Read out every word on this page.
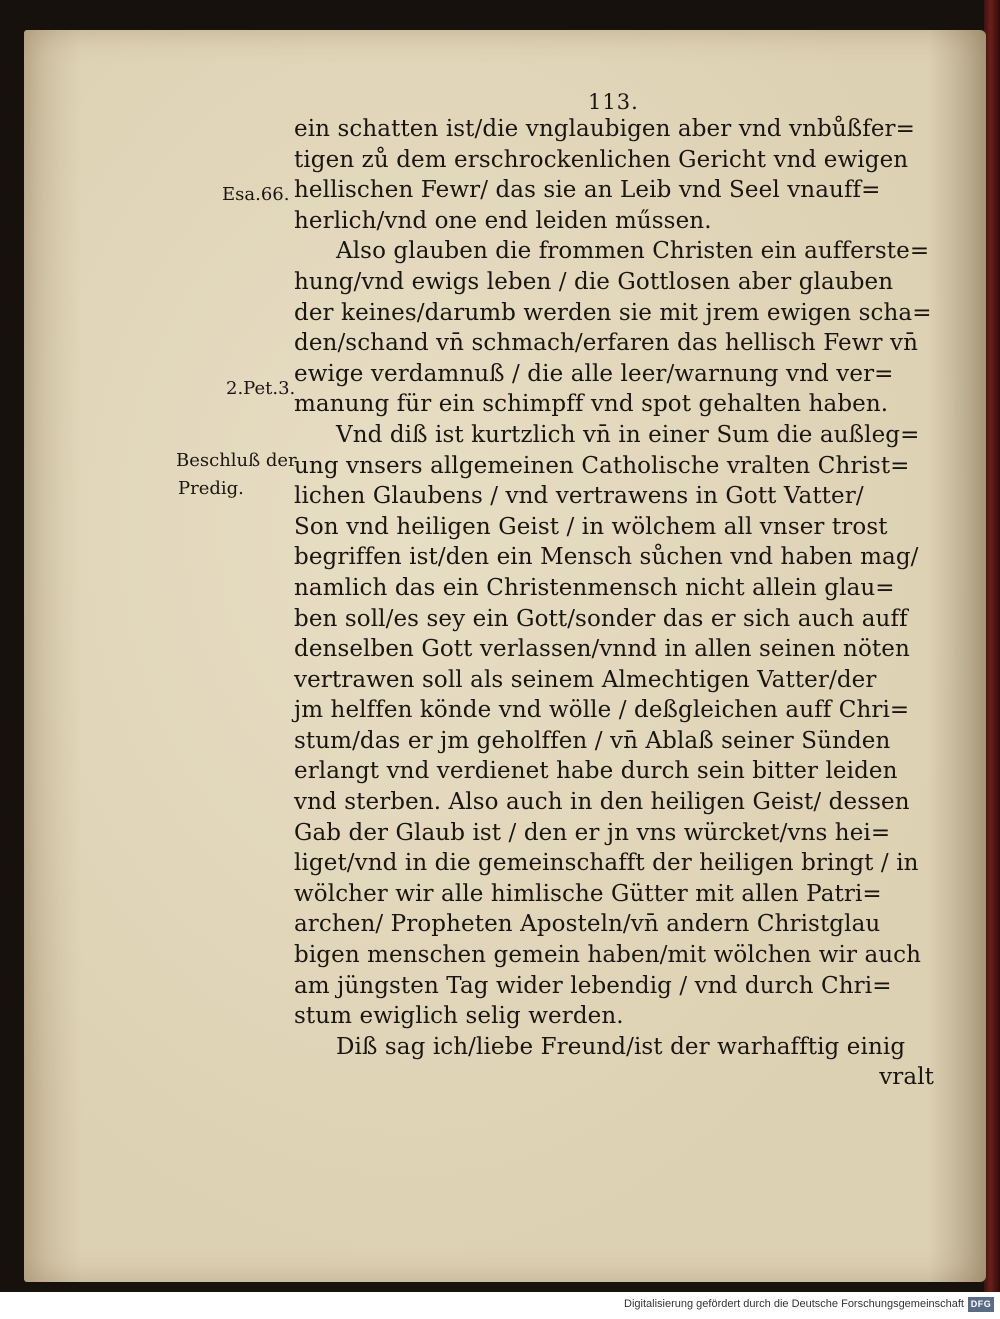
113.
Esa.66.
2.Pet.3.
Beschluß der
Predig.
ein schatten ist/die vnglaubigen aber vnd vnbůßfer=
tigen zů dem erschrockenlichen Gericht vnd ewigen
hellischen Fewr/ das sie an Leib vnd Seel vnauff=
herlich/vnd one end leiden műssen.
Also glauben die frommen Christen ein aufferste=
hung/vnd ewigs leben / die Gottlosen aber glauben
der keines/darumb werden sie mit jrem ewigen scha=
den/schand vn̄ schmach/erfaren das hellisch Fewr vn̄
ewige verdamnuß / die alle leer/warnung vnd ver=
manung für ein schimpff vnd spot gehalten haben.
Vnd diß ist kurtzlich vn̄ in einer Sum die außleg=
ung vnsers allgemeinen Catholische vralten Christ=
lichen Glaubens / vnd vertrawens in Gott Vatter/
Son vnd heiligen Geist / in wölchem all vnser trost
begriffen ist/den ein Mensch sůchen vnd haben mag/
namlich das ein Christenmensch nicht allein glau=
ben soll/es sey ein Gott/sonder das er sich auch auff
denselben Gott verlassen/vnnd in allen seinen nöten
vertrawen soll als seinem Almechtigen Vatter/der
jm helffen könde vnd wölle / deßgleichen auff Chri=
stum/das er jm geholffen / vn̄ Ablaß seiner Sünden
erlangt vnd verdienet habe durch sein bitter leiden
vnd sterben. Also auch in den heiligen Geist/ dessen
Gab der Glaub ist / den er jn vns würcket/vns hei=
liget/vnd in die gemeinschafft der heiligen bringt / in
wölcher wir alle himlische Gütter mit allen Patri=
archen/ Propheten Aposteln/vn̄ andern Christglau
bigen menschen gemein haben/mit wölchen wir auch
am jüngsten Tag wider lebendig / vnd durch Chri=
stum ewiglich selig werden.
Diß sag ich/liebe Freund/ist der warhafftig einig
vralt
Digitalisierung gefördert durch die Deutsche Forschungsgemeinschaft DFG
